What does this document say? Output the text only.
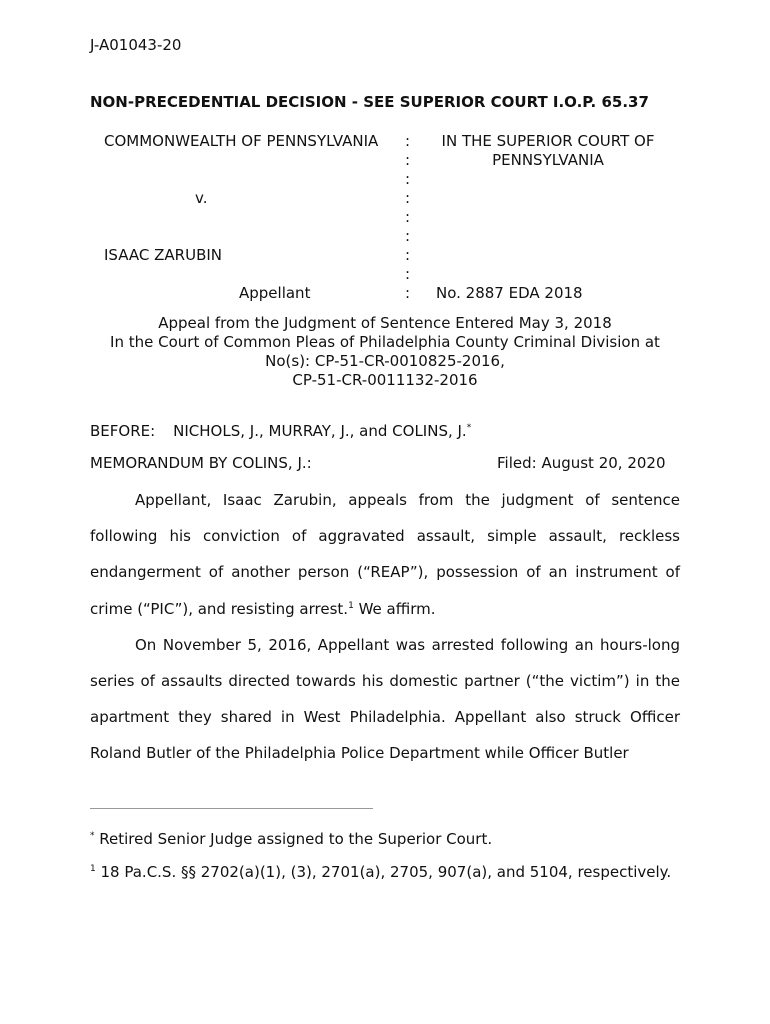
J-A01043-20
NON-PRECEDENTIAL DECISION - SEE SUPERIOR COURT I.O.P. 65.37
COMMONWEALTH OF PENNSYLVANIA
v.
ISAAC ZARUBIN
Appellant
:
:
:
:
:
:
:
:
:
IN THE SUPERIOR COURT OF
PENNSYLVANIA
No. 2887 EDA 2018
Appeal from the Judgment of Sentence Entered May 3, 2018
In the Court of Common Pleas of Philadelphia County Criminal Division at
No(s): CP-51-CR-0010825-2016,
CP-51-CR-0011132-2016
BEFORE: NICHOLS, J., MURRAY, J., and COLINS, J.*
MEMORANDUM BY COLINS, J.:	Filed: August 20, 2020

Appellant, Isaac Zarubin, appeals from the judgment of sentence following his conviction of aggravated assault, simple assault, reckless endangerment of another person (“REAP”), possession of an instrument of crime (“PIC”), and resisting arrest.$^1$ We affirm.

On November 5, 2016, Appellant was arrested following an hours-long series of assaults directed towards his domestic partner (“the victim”) in the apartment they shared in West Philadelphia. Appellant also struck Officer Roland Butler of the Philadelphia Police Department while Officer Butler

* Retired Senior Judge assigned to the Superior Court.
$^1$ 18 Pa.C.S. §§ 2702(a)(1), (3), 2701(a), 2705, 907(a), and 5104, respectively.
